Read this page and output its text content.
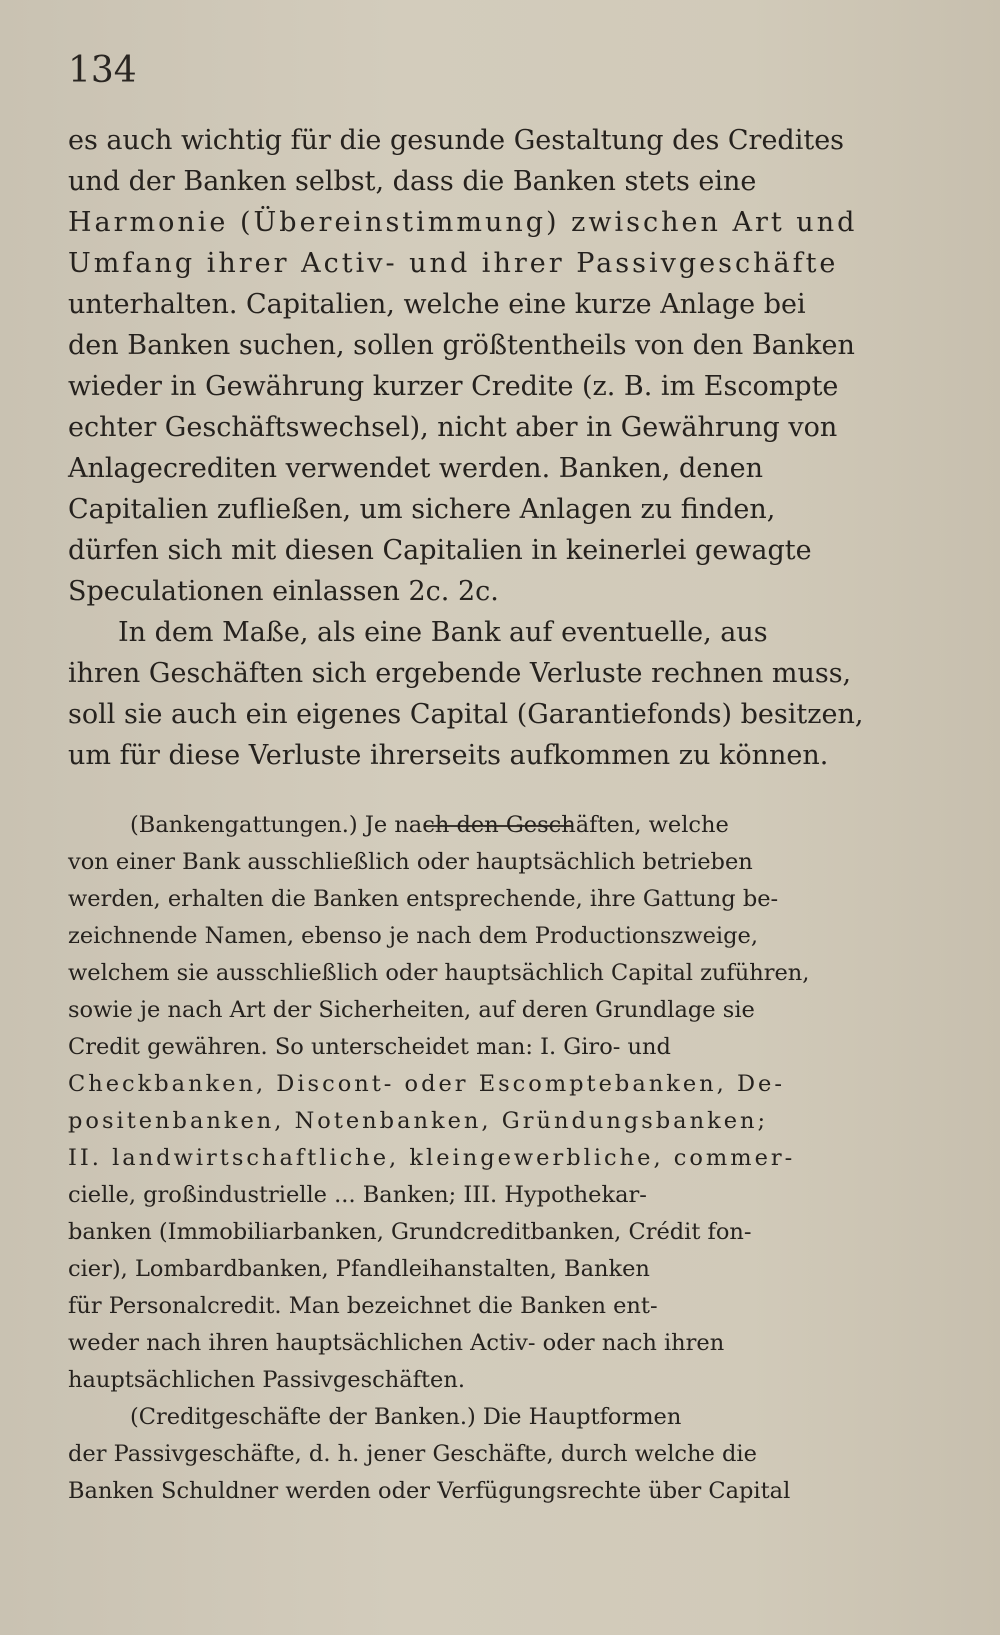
134

es auch wichtig für die gesunde Gestaltung des Credites

und der Banken selbst, dass die Banken stets eine

Harmonie (Übereinstimmung) zwischen Art und

Umfang ihrer Activ- und ihrer Passivgeschäfte

unterhalten. Capitalien, welche eine kurze Anlage bei

den Banken suchen, sollen größtentheils von den Banken

wieder in Gewährung kurzer Credite (z. B. im Escompte

echter Geschäftswechsel), nicht aber in Gewährung von

Anlagecrediten verwendet werden. Banken, denen

Capitalien zufließen, um sichere Anlagen zu finden,

dürfen sich mit diesen Capitalien in keinerlei gewagte

Speculationen einlassen 2c. 2c.

In dem Maße, als eine Bank auf eventuelle, aus

ihren Geschäften sich ergebende Verluste rechnen muss,

soll sie auch ein eigenes Capital (Garantiefonds) besitzen,

um für diese Verluste ihrerseits aufkommen zu können.

(Bankengattungen.) Je nach den Geschäften, welche

von einer Bank ausschließlich oder hauptsächlich betrieben

werden, erhalten die Banken entsprechende, ihre Gattung be-

zeichnende Namen, ebenso je nach dem Productionszweige,

welchem sie ausschließlich oder hauptsächlich Capital zuführen,

sowie je nach Art der Sicherheiten, auf deren Grundlage sie

Credit gewähren. So unterscheidet man: I. Giro- und

Checkbanken, Discont- oder Escomptebanken, De-

positenbanken, Notenbanken, Gründungsbanken;

II. landwirtschaftliche, kleingewerbliche, commer-

cielle, großindustrielle ... Banken; III. Hypothekar-

banken (Immobiliarbanken, Grundcreditbanken, Crédit fon-

cier), Lombardbanken, Pfandleihanstalten, Banken

für Personalcredit. Man bezeichnet die Banken ent-

weder nach ihren hauptsächlichen Activ- oder nach ihren

hauptsächlichen Passivgeschäften.

(Creditgeschäfte der Banken.) Die Hauptformen

der Passivgeschäfte, d. h. jener Geschäfte, durch welche die

Banken Schuldner werden oder Verfügungsrechte über Capital
